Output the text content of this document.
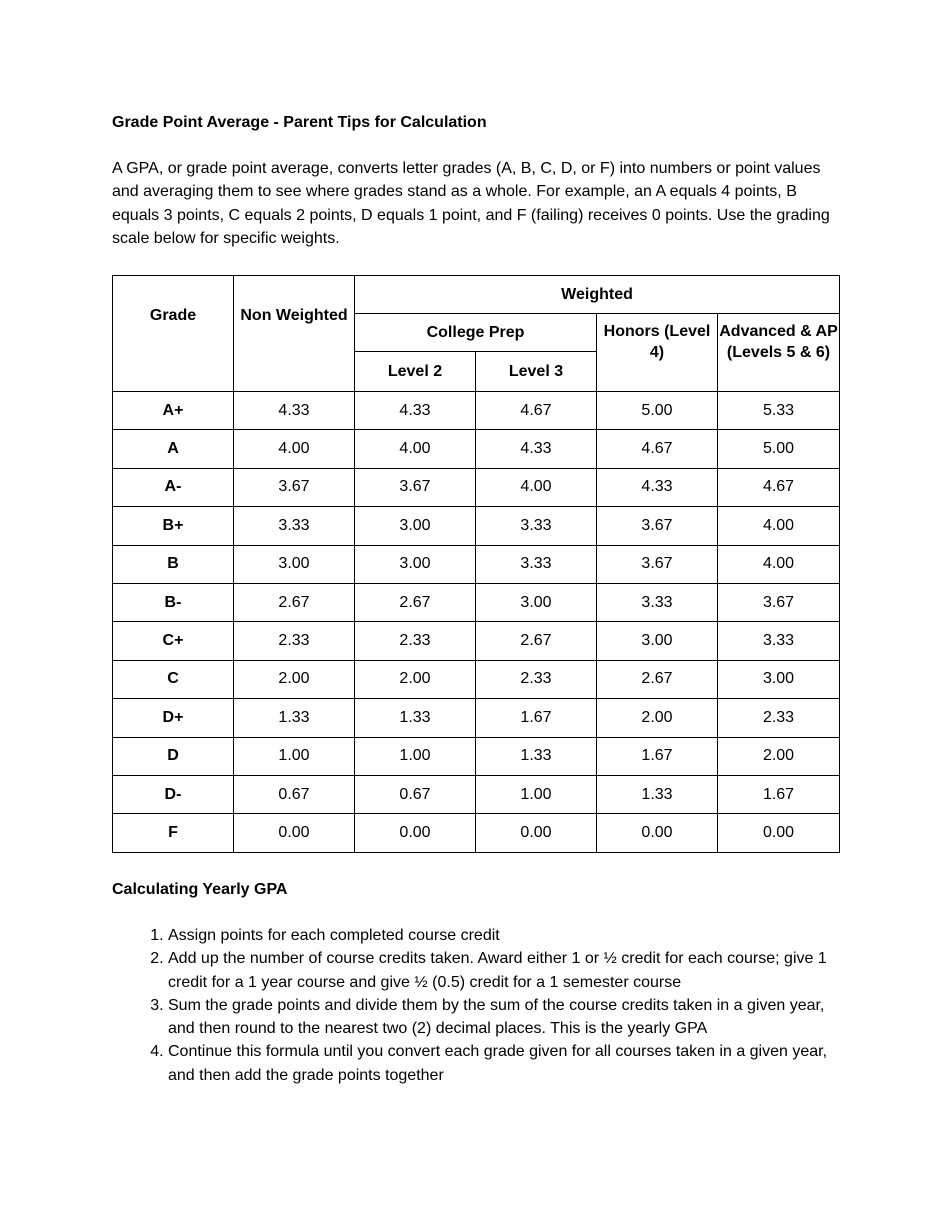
Grade Point Average - Parent Tips for Calculation

A GPA, or grade point average, converts letter grades (A, B, C, D, or F) into numbers or point values and averaging them to see where grades stand as a whole. For example, an A equals 4 points, B equals 3 points, C equals 2 points, D equals 1 point, and F (failing) receives 0 points. Use the grading scale below for specific weights.

Grade	Non Weighted	Weighted			
		College Prep		Honors (Level 4)	Advanced & AP (Levels 5 & 6)
		Level 2	Level 3		
A+	4.33	4.33	4.67	5.00	5.33
A	4.00	4.00	4.33	4.67	5.00
A-	3.67	3.67	4.00	4.33	4.67
B+	3.33	3.00	3.33	3.67	4.00
B	3.00	3.00	3.33	3.67	4.00
B-	2.67	2.67	3.00	3.33	3.67
C+	2.33	2.33	2.67	3.00	3.33
C	2.00	2.00	2.33	2.67	3.00
D+	1.33	1.33	1.67	2.00	2.33
D	1.00	1.00	1.33	1.67	2.00
D-	0.67	0.67	1.00	1.33	1.67
F	0.00	0.00	0.00	0.00	0.00
Calculating Yearly GPA
1. Assign points for each completed course credit
2. Add up the number of course credits taken. Award either 1 or ½ credit for each course; give 1 credit for a 1 year course and give ½ (0.5) credit for a 1 semester course
3. Sum the grade points and divide them by the sum of the course credits taken in a given year, and then round to the nearest two (2) decimal places. This is the yearly GPA
4. Continue this formula until you convert each grade given for all courses taken in a given year, and then add the grade points together
